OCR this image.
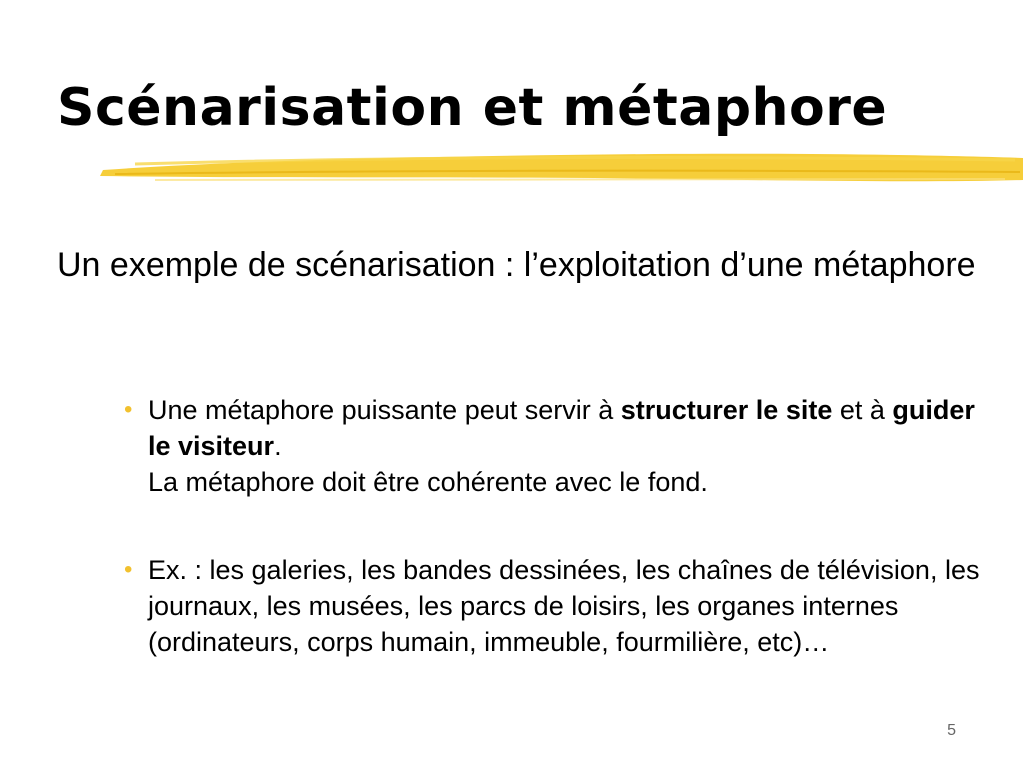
Scénarisation et métaphore

Un exemple de scénarisation : l’exploitation d’une métaphore

• Une métaphore puissante peut servir à structurer le site et à guider le visiteur.
La métaphore doit être cohérente avec le fond.
• Ex. : les galeries, les bandes dessinées, les chaînes de télévision, les journaux, les musées, les parcs de loisirs, les organes internes (ordinateurs, corps humain, immeuble, fourmilière, etc)…
5
